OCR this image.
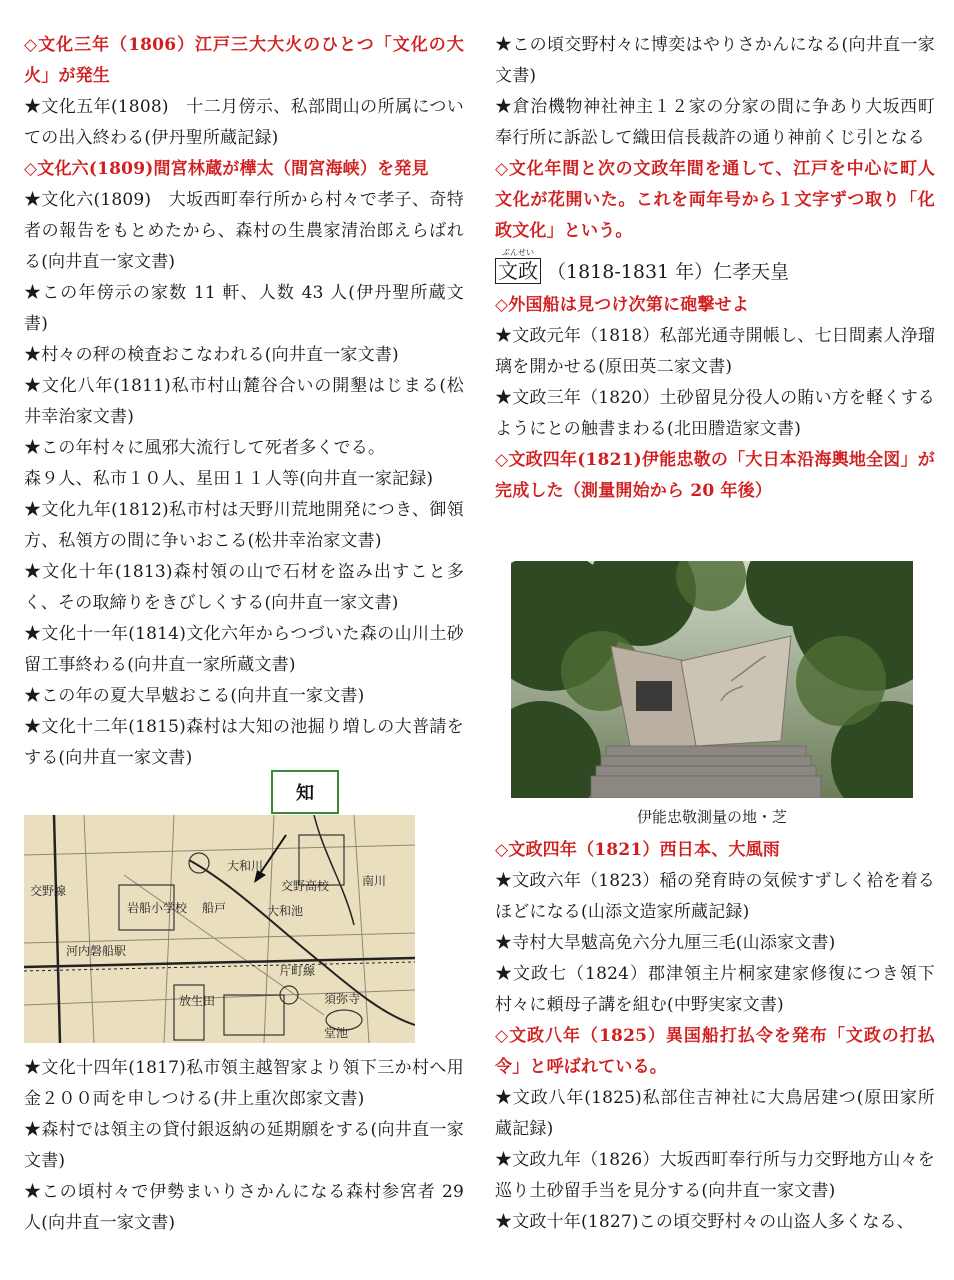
◇文化三年（1806）江戸三大大火のひとつ「文化の大火」が発生

★文化五年(1808)　十二月傍示、私部間山の所属についての出入終わる(伊丹聖所蔵記録)

◇文化六(1809)間宮林蔵が樺太（間宮海峡）を発見

★文化六(1809)　大坂西町奉行所から村々で孝子、奇特者の報告をもとめたから、森村の生農家清治郎えらばれる(向井直一家文書)

★この年傍示の家数 11 軒、人数 43 人(伊丹聖所蔵文書)

★村々の秤の検査おこなわれる(向井直一家文書)

★文化八年(1811)私市村山麓谷合いの開墾はじまる(松井幸治家文書)

★この年村々に風邪大流行して死者多くでる。

森９人、私市１０人、星田１１人等(向井直一家記録)

★文化九年(1812)私市村は天野川荒地開発につき、御領方、私領方の間に争いおこる(松井幸治家文書)

★文化十年(1813)森村領の山で石材を盗み出すこと多く、その取締りをきびしくする(向井直一家文書)

★文化十一年(1814)文化六年からつづいた森の山川土砂留工事終わる(向井直一家所蔵文書)

★この年の夏大旱魃おこる(向井直一家文書)

★文化十二年(1815)森村は大知の池掘り増しの大普請をする(向井直一家文書)

知
大和川
交野高校	南川
岩船小学校 船戸	大和池
交野線
河内磐船駅
片町線
放生田	須弥寺
堂池

★文化十四年(1817)私市領主越智家より領下三か村へ用金２００両を申しつける(井上重次郎家文書)

★森村では領主の貸付銀返納の延期願をする(向井直一家文書)

★この頃村々で伊勢まいりさかんになる森村参宮者 29 人(向井直一家文書)

★この頃交野村々に博奕はやりさかんになる(向井直一家文書)

★倉治機物神社神主１２家の分家の間に争あり大坂西町奉行所に訴訟して織田信長裁許の通り神前くじ引となる

◇文化年間と次の文政年間を通して、江戸を中心に町人文化が花開いた。これを両年号から１文字ずつ取り「化政文化」という。

ぶんせい
文政 （1818-1831 年）仁孝天皇

◇外国船は見つけ次第に砲撃せよ

★文政元年（1818）私部光通寺開帳し、七日間素人浄瑠璃を開かせる(原田英二家文書)

★文政三年（1820）土砂留見分役人の賄い方を軽くするようにとの触書まわる(北田謄造家文書)

◇文政四年(1821)伊能忠敬の「大日本沿海輿地全図」が完成した（測量開始から 20 年後）

伊能忠敬測量の地・芝

◇文政四年（1821）西日本、大風雨

★文政六年（1823）稲の発育時の気候すずしく袷を着るほどになる(山添文造家所蔵記録)

★寺村大旱魃高免六分九厘三毛(山添家文書)

★文政七（1824）郡津領主片桐家建家修復につき領下村々に頼母子講を組む(中野実家文書)

◇文政八年（1825）異国船打払令を発布「文政の打払令」と呼ばれている。

★文政八年(1825)私部住吉神社に大鳥居建つ(原田家所蔵記録)

★文政九年（1826）大坂西町奉行所与力交野地方山々を巡り土砂留手当を見分する(向井直一家文書)

★文政十年(1827)この頃交野村々の山盗人多くなる、
